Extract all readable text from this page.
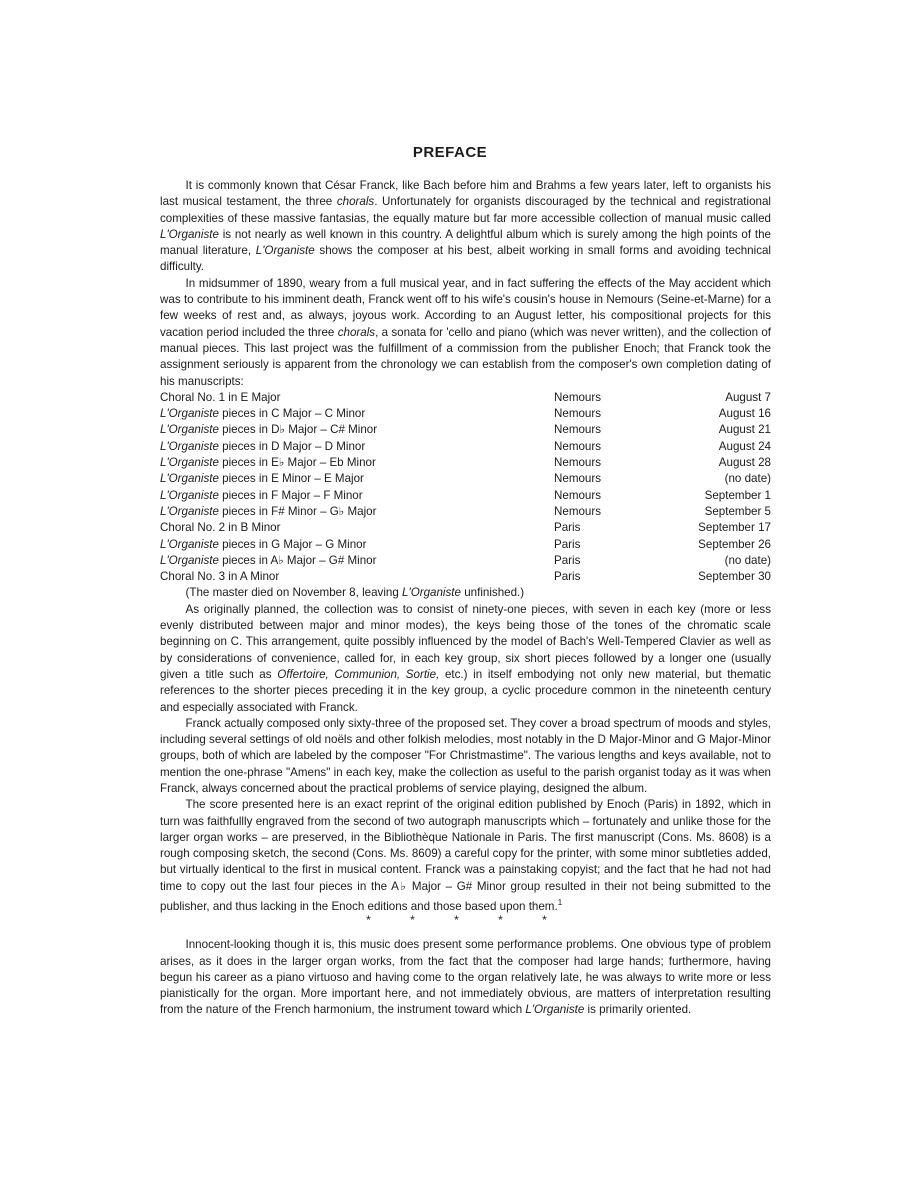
PREFACE

It is commonly known that César Franck, like Bach before him and Brahms a few years later, left to organists his last musical testament, the three chorals. Unfortunately for organists discouraged by the technical and registrational complexities of these massive fantasias, the equally mature but far more accessible collection of manual music called L'Organiste is not nearly as well known in this country. A delightful album which is surely among the high points of the manual literature, L'Organiste shows the composer at his best, albeit working in small forms and avoiding technical difficulty.

In midsummer of 1890, weary from a full musical year, and in fact suffering the effects of the May accident which was to contribute to his imminent death, Franck went off to his wife's cousin's house in Nemours (Seine-et-Marne) for a few weeks of rest and, as always, joyous work. According to an August letter, his compositional projects for this vacation period included the three chorals, a sonata for 'cello and piano (which was never written), and the collection of manual pieces. This last project was the fulfillment of a commission from the publisher Enoch; that Franck took the assignment seriously is apparent from the chronology we can establish from the composer's own completion dating of his manuscripts:

Choral No. 1 in E Major	Nemours	August 7
L'Organiste pieces in C Major – C Minor	Nemours	August 16
L'Organiste pieces in D♭ Major – C# Minor	Nemours	August 21
L'Organiste pieces in D Major – D Minor	Nemours	August 24
L'Organiste pieces in E♭ Major – Eb Minor	Nemours	August 28
L'Organiste pieces in E Minor – E Major	Nemours	(no date)
L'Organiste pieces in F Major – F Minor	Nemours	September 1
L'Organiste pieces in F# Minor – G♭ Major	Nemours	September 5
Choral No. 2 in B Minor	Paris	September 17
L'Organiste pieces in G Major – G Minor	Paris	September 26
L'Organiste pieces in A♭ Major – G# Minor	Paris	(no date)
Choral No. 3 in A Minor	Paris	September 30

(The master died on November 8, leaving L'Organiste unfinished.)

As originally planned, the collection was to consist of ninety-one pieces, with seven in each key (more or less evenly distributed between major and minor modes), the keys being those of the tones of the chromatic scale beginning on C. This arrangement, quite possibly influenced by the model of Bach's Well-Tempered Clavier as well as by considerations of convenience, called for, in each key group, six short pieces followed by a longer one (usually given a title such as Offertoire, Communion, Sortie, etc.) in itself embodying not only new material, but thematic references to the shorter pieces preceding it in the key group, a cyclic procedure common in the nineteenth century and especially associated with Franck.

Franck actually composed only sixty-three of the proposed set. They cover a broad spectrum of moods and styles, including several settings of old noëls and other folkish melodies, most notably in the D Major-Minor and G Major-Minor groups, both of which are labeled by the composer "For Christmastime". The various lengths and keys available, not to mention the one-phrase "Amens" in each key, make the collection as useful to the parish organist today as it was when Franck, always concerned about the practical problems of service playing, designed the album.

The score presented here is an exact reprint of the original edition published by Enoch (Paris) in 1892, which in turn was faithfullly engraved from the second of two autograph manuscripts which – fortunately and unlike those for the larger organ works – are preserved, in the Bibliothèque Nationale in Paris. The first manuscript (Cons. Ms. 8608) is a rough composing sketch, the second (Cons. Ms. 8609) a careful copy for the printer, with some minor subtleties added, but virtually identical to the first in musical content. Franck was a painstaking copyist; and the fact that he had not had time to copy out the last four pieces in the A♭ Major – G# Minor group resulted in their not being submitted to the publisher, and thus lacking in the Enoch editions and those based upon them.$^1$

* * * * *

Innocent-looking though it is, this music does present some performance problems. One obvious type of problem arises, as it does in the larger organ works, from the fact that the composer had large hands; furthermore, having begun his career as a piano virtuoso and having come to the organ relatively late, he was always to write more or less pianistically for the organ. More important here, and not immediately obvious, are matters of interpretation resulting from the nature of the French harmonium, the instrument toward which L'Organiste is primarily oriented.
